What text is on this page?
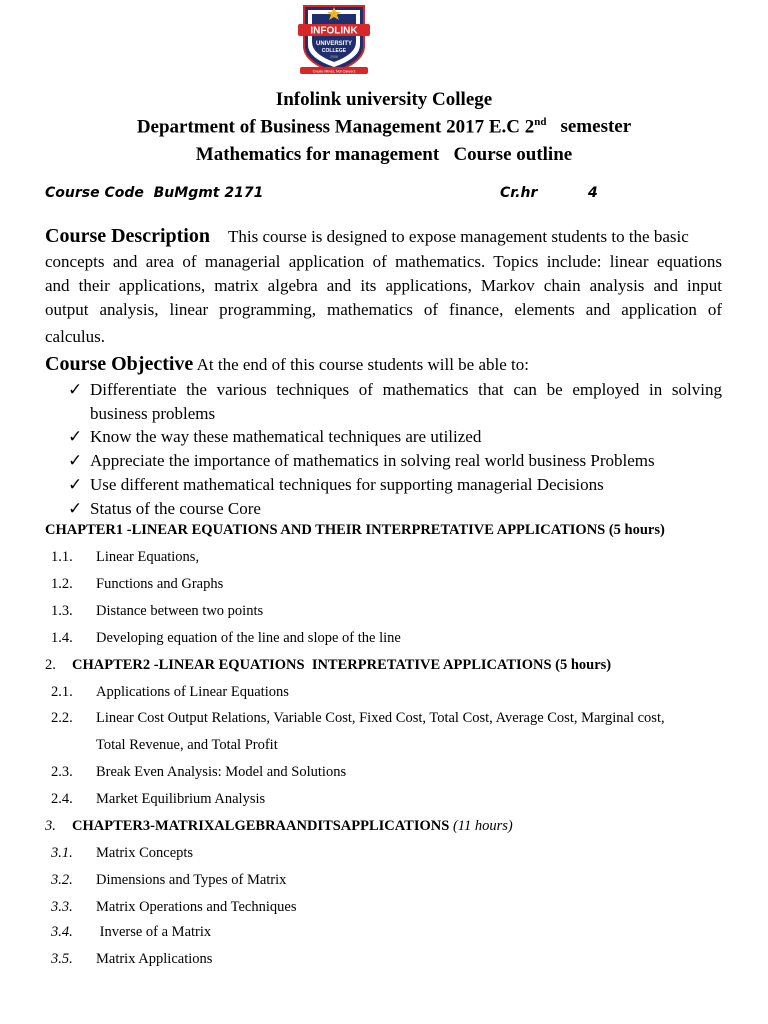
INFOLINK
UNIVERSITY
COLLEGE
2006
Create Minds, Not Careers
Infolink university College
Department of Business Management 2017 E.C 2nd semester
Mathematics for management   Course outline
Course Code  BuMgmt 2171	Cr.hr	4
Course Description This course is designed to expose management students to the basic
concepts and area of managerial application of mathematics. Topics include: linear equations
and their applications, matrix algebra and its applications, Markov chain analysis and input
output analysis, linear programming, mathematics of finance, elements and application of
calculus.
Course Objective At the end of this course students will be able to:
✓ Differentiate the various techniques of mathematics that can be employed in solving business problems
✓ Know the way these mathematical techniques are utilized
✓ Appreciate the importance of mathematics in solving real world business Problems
✓ Use different mathematical techniques for supporting managerial Decisions
✓ Status of the course Core
CHAPTER1 -LINEAR EQUATIONS AND THEIR INTERPRETATIVE APPLICATIONS (5 hours)
1.1. Linear Equations,
1.2. Functions and Graphs
1.3. Distance between two points
1.4. Developing equation of the line and slope of the line
2. CHAPTER2 -LINEAR EQUATIONS  INTERPRETATIVE APPLICATIONS (5 hours)
2.1. Applications of Linear Equations
2.2. Linear Cost Output Relations, Variable Cost, Fixed Cost, Total Cost, Average Cost, Marginal cost,
Total Revenue, and Total Profit
2.3. Break Even Analysis: Model and Solutions
2.4. Market Equilibrium Analysis
3. CHAPTER3-MATRIXALGEBRAANDITSAPPLICATIONS (11 hours)
3.1. Matrix Concepts
3.2. Dimensions and Types of Matrix
3.3. Matrix Operations and Techniques
3.4. Inverse of a Matrix
3.5. Matrix Applications
